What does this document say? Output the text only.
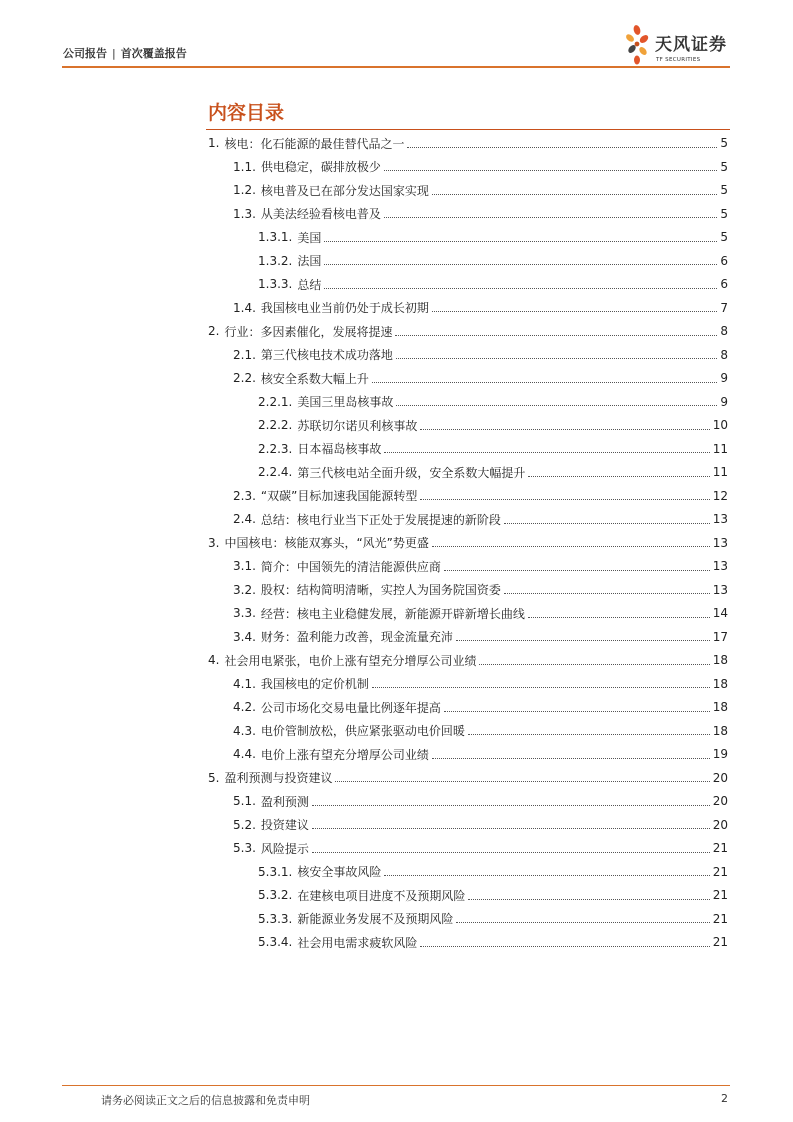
公司报告 | 首次覆盖报告	天风证券
TF SECURITIES
内容目录
1. 核电：化石能源的最佳替代品之一	5
1.1. 供电稳定，碳排放极少	5
1.2. 核电普及已在部分发达国家实现	5
1.3. 从美法经验看核电普及	5
1.3.1. 美国	5
1.3.2. 法国	6
1.3.3. 总结	6
1.4. 我国核电业当前仍处于成长初期	7
2. 行业：多因素催化，发展将提速	8
2.1. 第三代核电技术成功落地	8
2.2. 核安全系数大幅上升	9
2.2.1. 美国三里岛核事故	9
2.2.2. 苏联切尔诺贝利核事故	10
2.2.3. 日本福岛核事故	11
2.2.4. 第三代核电站全面升级，安全系数大幅提升	11
2.3. “双碳”目标加速我国能源转型	12
2.4. 总结：核电行业当下正处于发展提速的新阶段	13
3. 中国核电：核能双寡头，“风光”势更盛	13
3.1. 简介：中国领先的清洁能源供应商	13
3.2. 股权：结构简明清晰，实控人为国务院国资委	13
3.3. 经营：核电主业稳健发展，新能源开辟新增长曲线	14
3.4. 财务：盈利能力改善，现金流量充沛	17
4. 社会用电紧张，电价上涨有望充分增厚公司业绩	18
4.1. 我国核电的定价机制	18
4.2. 公司市场化交易电量比例逐年提高	18
4.3. 电价管制放松，供应紧张驱动电价回暖	18
4.4. 电价上涨有望充分增厚公司业绩	19
5. 盈利预测与投资建议	20
5.1. 盈利预测	20
5.2. 投资建议	20
5.3. 风险提示	21
5.3.1. 核安全事故风险	21
5.3.2. 在建核电项目进度不及预期风险	21
5.3.3. 新能源业务发展不及预期风险	21
5.3.4. 社会用电需求疲软风险	21
请务必阅读正文之后的信息披露和免责申明	2
